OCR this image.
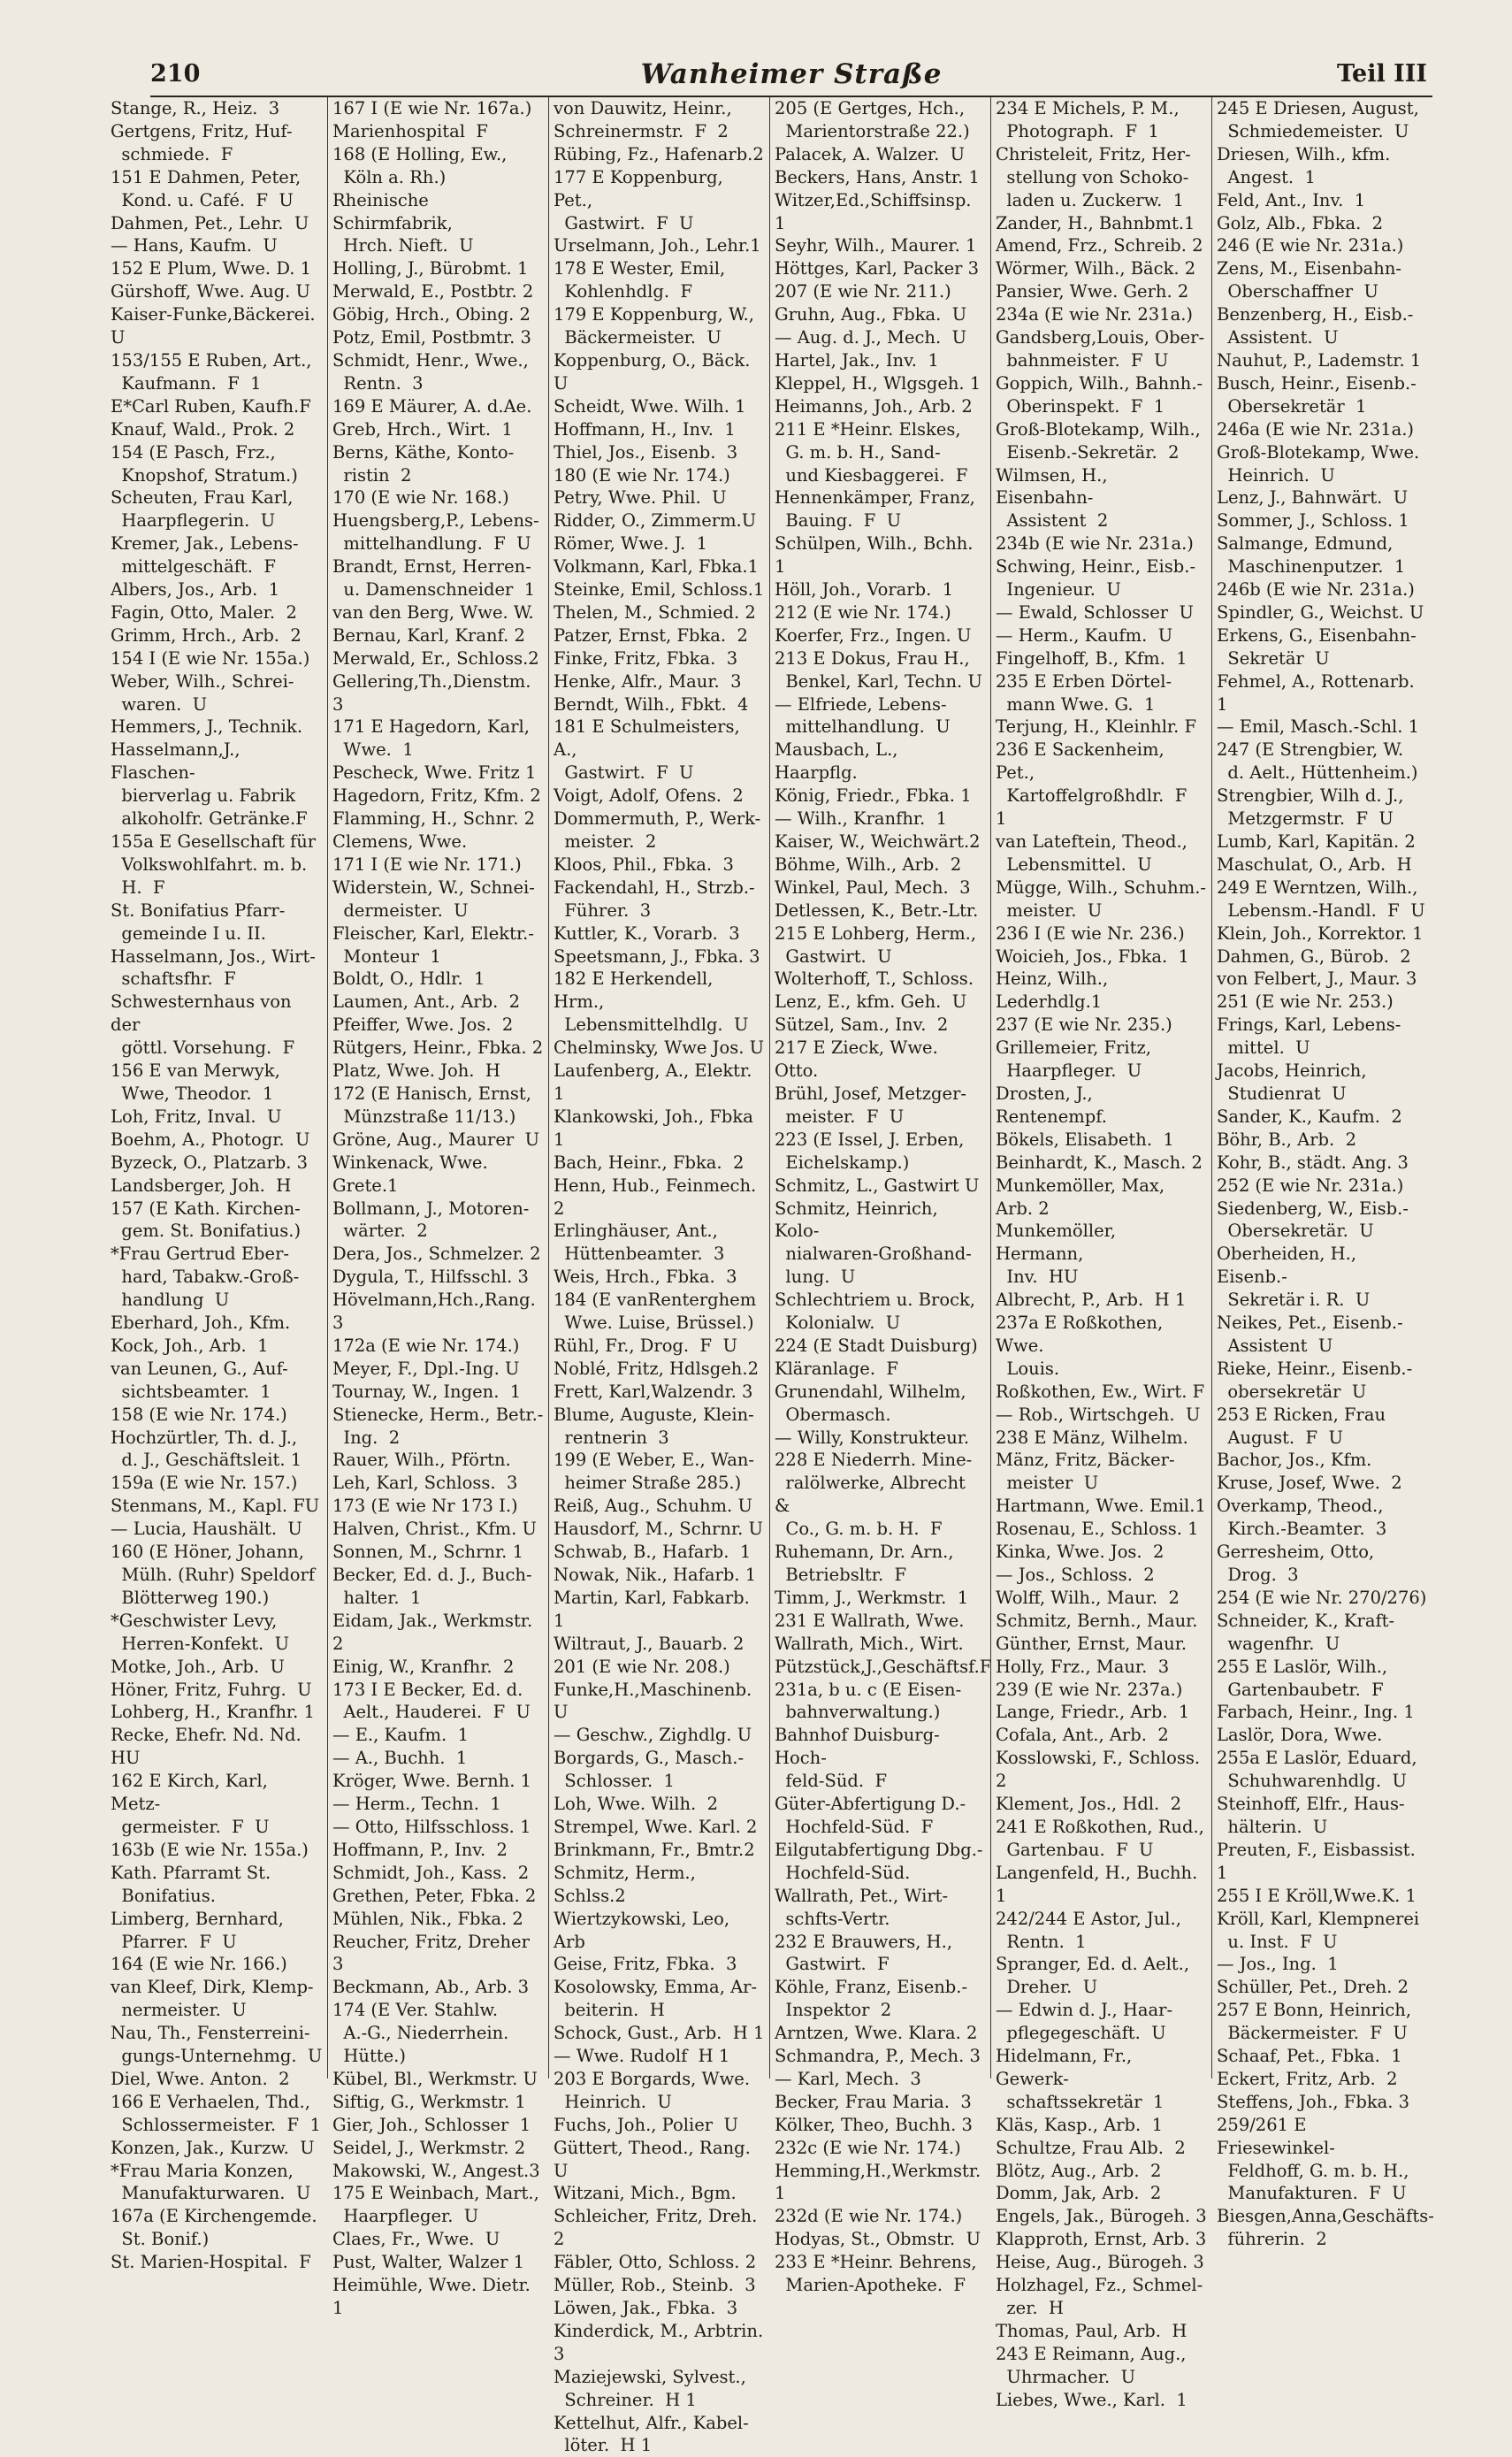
210	Wanheimer Straße	Teil III
Stange, R., Heiz.  3
Gertgens, Fritz, Huf-
schmiede.  F
151 E Dahmen, Peter,
Kond. u. Café.  F  U
Dahmen, Pet., Lehr.  U
— Hans, Kaufm.  U
152 E Plum, Wwe. D. 1
Gürshoff, Wwe. Aug. U
Kaiser-Funke,Bäckerei. U
153/155 E Ruben, Art.,
Kaufmann.  F  1
E*Carl Ruben, Kaufh.F
Knauf, Wald., Prok. 2
154 (E Pasch, Frz.,
Knopshof, Stratum.)
Scheuten, Frau Karl,
Haarpflegerin.  U
Kremer, Jak., Lebens-
mittelgeschäft.  F
Albers, Jos., Arb.  1
Fagin, Otto, Maler.  2
Grimm, Hrch., Arb.  2
154 I (E wie Nr. 155a.)
Weber, Wilh., Schrei-
waren.  U
Hemmers, J., Technik.
Hasselmann,J., Flaschen-
bierverlag u. Fabrik
alkoholfr. Getränke.F
155a E Gesellschaft für
Volkswohlfahrt. m. b.
H.  F
St. Bonifatius Pfarr-
gemeinde I u. II.
Hasselmann, Jos., Wirt-
schaftsfhr.  F
Schwesternhaus von der
göttl. Vorsehung.  F
156 E van Merwyk,
Wwe, Theodor.  1
Loh, Fritz, Inval.  U
Boehm, A., Photogr.  U
Byzeck, O., Platzarb. 3
Landsberger, Joh.  H
157 (E Kath. Kirchen-
gem. St. Bonifatius.)
*Frau Gertrud Eber-
hard, Tabakw.-Groß-
handlung  U
Eberhard, Joh., Kfm.
Kock, Joh., Arb.  1
van Leunen, G., Auf-
sichtsbeamter.  1
158 (E wie Nr. 174.)
Hochzürtler, Th. d. J.,
d. J., Geschäftsleit. 1
159a (E wie Nr. 157.)
Stenmans, M., Kapl. FU
— Lucia, Haushält.  U
160 (E Höner, Johann,
Mülh. (Ruhr) Speldorf
Blötterweg 190.)
*Geschwister Levy,
Herren-Konfekt.  U
Motke, Joh., Arb.  U
Höner, Fritz, Fuhrg.  U
Lohberg, H., Kranfhr. 1
Recke, Ehefr. Nd. Nd. HU
162 E Kirch, Karl, Metz-
germeister.  F  U
163b (E wie Nr. 155a.)
Kath. Pfarramt St.
Bonifatius.
Limberg, Bernhard,
Pfarrer.  F  U
164 (E wie Nr. 166.)
van Kleef, Dirk, Klemp-
nermeister.  U
Nau, Th., Fensterreini-
gungs-Unternehmg.  U
Diel, Wwe. Anton.  2
166 E Verhaelen, Thd.,
Schlossermeister.  F  1
Konzen, Jak., Kurzw.  U
*Frau Maria Konzen,
Manufakturwaren.  U
167a (E Kirchengemde.
St. Bonif.)
St. Marien-Hospital.  F
167 I (E wie Nr. 167a.)
Marienhospital  F
168 (E Holling, Ew.,
Köln a. Rh.)
Rheinische Schirmfabrik,
Hrch. Nieft.  U
Holling, J., Bürobmt. 1
Merwald, E., Postbtr. 2
Göbig, Hrch., Obing. 2
Potz, Emil, Postbmtr. 3
Schmidt, Henr., Wwe.,
Rentn.  3
169 E Mäurer, A. d.Ae.
Greb, Hrch., Wirt.  1
Berns, Käthe, Konto-
ristin  2
170 (E wie Nr. 168.)
Huengsberg,P., Lebens-
mittelhandlung.  F  U
Brandt, Ernst, Herren-
u. Damenschneider  1
van den Berg, Wwe. W.
Bernau, Karl, Kranf. 2
Merwald, Er., Schloss.2
Gellering,Th.,Dienstm. 3
171 E Hagedorn, Karl,
Wwe.  1
Pescheck, Wwe. Fritz 1
Hagedorn, Fritz, Kfm. 2
Flamming, H., Schnr. 2
Clemens, Wwe.
171 I (E wie Nr. 171.)
Widerstein, W., Schnei-
dermeister.  U
Fleischer, Karl, Elektr.-
Monteur  1
Boldt, O., Hdlr.  1
Laumen, Ant., Arb.  2
Pfeiffer, Wwe. Jos.  2
Rütgers, Heinr., Fbka. 2
Platz, Wwe. Joh.  H
172 (E Hanisch, Ernst,
Münzstraße 11/13.)
Gröne, Aug., Maurer  U
Winkenack, Wwe. Grete.1
Bollmann, J., Motoren-
wärter.  2
Dera, Jos., Schmelzer. 2
Dygula, T., Hilfsschl. 3
Hövelmann,Hch.,Rang. 3
172a (E wie Nr. 174.)
Meyer, F., Dpl.-Ing. U
Tournay, W., Ingen.  1
Stienecke, Herm., Betr.-
Ing.  2
Rauer, Wilh., Pförtn.
Leh, Karl, Schloss.  3
173 (E wie Nr 173 I.)
Halven, Christ., Kfm. U
Sonnen, M., Schrnr. 1
Becker, Ed. d. J., Buch-
halter.  1
Eidam, Jak., Werkmstr. 2
Einig, W., Kranfhr.  2
173 I E Becker, Ed. d.
Aelt., Hauderei.  F  U
— E., Kaufm.  1
— A., Buchh.  1
Kröger, Wwe. Bernh. 1
— Herm., Techn.  1
— Otto, Hilfsschloss. 1
Hoffmann, P., Inv.  2
Schmidt, Joh., Kass.  2
Grethen, Peter, Fbka. 2
Mühlen, Nik., Fbka. 2
Reucher, Fritz, Dreher 3
Beckmann, Ab., Arb. 3
174 (E Ver. Stahlw.
A.-G., Niederrhein.
Hütte.)
Kübel, Bl., Werkmstr. U
Siftig, G., Werkmstr. 1
Gier, Joh., Schlosser  1
Seidel, J., Werkmstr. 2
Makowski, W., Angest.3
175 E Weinbach, Mart.,
Haarpfleger.  U
Claes, Fr., Wwe.  U
Pust, Walter, Walzer 1
Heimühle, Wwe. Dietr. 1
von Dauwitz, Heinr.,
Schreinermstr.  F  2
Rübing, Fz., Hafenarb.2
177 E Koppenburg, Pet.,
Gastwirt.  F  U
Urselmann, Joh., Lehr.1
178 E Wester, Emil,
Kohlenhdlg.  F
179 E Koppenburg, W.,
Bäckermeister.  U
Koppenburg, O., Bäck. U
Scheidt, Wwe. Wilh. 1
Hoffmann, H., Inv.  1
Thiel, Jos., Eisenb.  3
180 (E wie Nr. 174.)
Petry, Wwe. Phil.  U
Ridder, O., Zimmerm.U
Römer, Wwe. J.  1
Volkmann, Karl, Fbka.1
Steinke, Emil, Schloss.1
Thelen, M., Schmied. 2
Patzer, Ernst, Fbka.  2
Finke, Fritz, Fbka.  3
Henke, Alfr., Maur.  3
Berndt, Wilh., Fbkt.  4
181 E Schulmeisters, A.,
Gastwirt.  F  U
Voigt, Adolf, Ofens.  2
Dommermuth, P., Werk-
meister.  2
Kloos, Phil., Fbka.  3
Fackendahl, H., Strzb.-
Führer.  3
Kuttler, K., Vorarb.  3
Speetsmann, J., Fbka. 3
182 E Herkendell, Hrm.,
Lebensmittelhdlg.  U
Chelminsky, Wwe Jos. U
Laufenberg, A., Elektr. 1
Klankowski, Joh., Fbka 1
Bach, Heinr., Fbka.  2
Henn, Hub., Feinmech. 2
Erlinghäuser, Ant.,
Hüttenbeamter.  3
Weis, Hrch., Fbka.  3
184 (E vanRenterghem
Wwe. Luise, Brüssel.)
Rühl, Fr., Drog.  F  U
Noblé, Fritz, Hdlsgeh.2
Frett, Karl,Walzendr. 3
Blume, Auguste, Klein-
rentnerin  3
199 (E Weber, E., Wan-
heimer Straße 285.)
Reiß, Aug., Schuhm. U
Hausdorf, M., Schrnr. U
Schwab, B., Hafarb.  1
Nowak, Nik., Hafarb. 1
Martin, Karl, Fabkarb. 1
Wiltraut, J., Bauarb. 2
201 (E wie Nr. 208.)
Funke,H.,Maschinenb. U
— Geschw., Zighdlg. U
Borgards, G., Masch.-
Schlosser.  1
Loh, Wwe. Wilh.  2
Strempel, Wwe. Karl. 2
Brinkmann, Fr., Bmtr.2
Schmitz, Herm., Schlss.2
Wiertzykowski, Leo, Arb
Geise, Fritz, Fbka.  3
Kosolowsky, Emma, Ar-
beiterin.  H
Schock, Gust., Arb.  H 1
— Wwe. Rudolf  H 1
203 E Borgards, Wwe.
Heinrich.  U
Fuchs, Joh., Polier  U
Güttert, Theod., Rang. U
Witzani, Mich., Bgm.
Schleicher, Fritz, Dreh. 2
Fäbler, Otto, Schloss. 2
Müller, Rob., Steinb.  3
Löwen, Jak., Fbka.  3
Kinderdick, M., Arbtrin. 3
Maziejewski, Sylvest.,
Schreiner.  H 1
Kettelhut, Alfr., Kabel-
löter.  H 1
205 (E Gertges, Hch.,
Marientorstraße 22.)
Palacek, A. Walzer.  U
Beckers, Hans, Anstr. 1
Witzer,Ed.,Schiffsinsp. 1
Seyhr, Wilh., Maurer. 1
Höttges, Karl, Packer 3
207 (E wie Nr. 211.)
Gruhn, Aug., Fbka.  U
— Aug. d. J., Mech.  U
Hartel, Jak., Inv.  1
Kleppel, H., Wlgsgeh. 1
Heimanns, Joh., Arb. 2
211 E *Heinr. Elskes,
G. m. b. H., Sand-
und Kiesbaggerei.  F
Hennenkämper, Franz,
Bauing.  F  U
Schülpen, Wilh., Bchh. 1
Höll, Joh., Vorarb.  1
212 (E wie Nr. 174.)
Koerfer, Frz., Ingen. U
213 E Dokus, Frau H.,
Benkel, Karl, Techn. U
— Elfriede, Lebens-
mittelhandlung.  U
Mausbach, L., Haarpflg.
König, Friedr., Fbka. 1
— Wilh., Kranfhr.  1
Kaiser, W., Weichwärt.2
Böhme, Wilh., Arb.  2
Winkel, Paul, Mech.  3
Detlessen, K., Betr.-Ltr.
215 E Lohberg, Herm.,
Gastwirt.  U
Wolterhoff, T., Schloss.
Lenz, E., kfm. Geh.  U
Sützel, Sam., Inv.  2
217 E Zieck, Wwe. Otto.
Brühl, Josef, Metzger-
meister.  F  U
223 (E Issel, J. Erben,
Eichelskamp.)
Schmitz, L., Gastwirt U
Schmitz, Heinrich, Kolo-
nialwaren-Großhand-
lung.  U
Schlechtriem u. Brock,
Kolonialw.  U
224 (E Stadt Duisburg)
Kläranlage.  F
Grunendahl, Wilhelm,
Obermasch.
— Willy, Konstrukteur.
228 E Niederrh. Mine-
ralölwerke, Albrecht &
Co., G. m. b. H.  F
Ruhemann, Dr. Arn.,
Betriebsltr.  F
Timm, J., Werkmstr.  1
231 E Wallrath, Wwe.
Wallrath, Mich., Wirt.
Pützstück,J.,Geschäftsf.F
231a, b u. c (E Eisen-
bahnverwaltung.)
Bahnhof Duisburg-Hoch-
feld-Süd.  F
Güter-Abfertigung D.-
Hochfeld-Süd.  F
Eilgutabfertigung Dbg.-
Hochfeld-Süd.
Wallrath, Pet., Wirt-
schfts-Vertr.
232 E Brauwers, H.,
Gastwirt.  F
Köhle, Franz, Eisenb.-
Inspektor  2
Arntzen, Wwe. Klara. 2
Schmandra, P., Mech. 3
— Karl, Mech.  3
Becker, Frau Maria.  3
Kölker, Theo, Buchh. 3
232c (E wie Nr. 174.)
Hemming,H.,Werkmstr. 1
232d (E wie Nr. 174.)
Hodyas, St., Obmstr.  U
233 E *Heinr. Behrens,
Marien-Apotheke.  F
234 E Michels, P. M.,
Photograph.  F  1
Christeleit, Fritz, Her-
stellung von Schoko-
laden u. Zuckerw.  1
Zander, H., Bahnbmt.1
Amend, Frz., Schreib. 2
Wörmer, Wilh., Bäck. 2
Pansier, Wwe. Gerh. 2
234a (E wie Nr. 231a.)
Gandsberg,Louis, Ober-
bahnmeister.  F  U
Goppich, Wilh., Bahnh.-
Oberinspekt.  F  1
Groß-Blotekamp, Wilh.,
Eisenb.-Sekretär.  2
Wilmsen, H., Eisenbahn-
Assistent  2
234b (E wie Nr. 231a.)
Schwing, Heinr., Eisb.-
Ingenieur.  U
— Ewald, Schlosser  U
— Herm., Kaufm.  U
Fingelhoff, B., Kfm.  1
235 E Erben Dörtel-
mann Wwe. G.  1
Terjung, H., Kleinhlr. F
236 E Sackenheim, Pet.,
Kartoffelgroßhdlr.  F  1
van Lateftein, Theod.,
Lebensmittel.  U
Mügge, Wilh., Schuhm.-
meister.  U
236 I (E wie Nr. 236.)
Woicieh, Jos., Fbka.  1
Heinz, Wilh., Lederhdlg.1
237 (E wie Nr. 235.)
Grillemeier, Fritz,
Haarpfleger.  U
Drosten, J., Rentenempf.
Bökels, Elisabeth.  1
Beinhardt, K., Masch. 2
Munkemöller, Max, Arb. 2
Munkemöller, Hermann,
Inv.  HU
Albrecht, P., Arb.  H 1
237a E Roßkothen, Wwe.
Louis.
Roßkothen, Ew., Wirt. F
— Rob., Wirtschgeh.  U
238 E Mänz, Wilhelm.
Mänz, Fritz, Bäcker-
meister  U
Hartmann, Wwe. Emil.1
Rosenau, E., Schloss. 1
Kinka, Wwe. Jos.  2
— Jos., Schloss.  2
Wolff, Wilh., Maur.  2
Schmitz, Bernh., Maur.
Günther, Ernst, Maur.
Holly, Frz., Maur.  3
239 (E wie Nr. 237a.)
Lange, Friedr., Arb.  1
Cofala, Ant., Arb.  2
Kosslowski, F., Schloss. 2
Klement, Jos., Hdl.  2
241 E Roßkothen, Rud.,
Gartenbau.  F  U
Langenfeld, H., Buchh. 1
242/244 E Astor, Jul.,
Rentn.  1
Spranger, Ed. d. Aelt.,
Dreher.  U
— Edwin d. J., Haar-
pflegegeschäft.  U
Hidelmann, Fr., Gewerk-
schaftssekretär  1
Kläs, Kasp., Arb.  1
Schultze, Frau Alb.  2
Blötz, Aug., Arb.  2
Domm, Jak, Arb.  2
Engels, Jak., Bürogeh. 3
Klapproth, Ernst, Arb. 3
Heise, Aug., Bürogeh. 3
Holzhagel, Fz., Schmel-
zer.  H
Thomas, Paul, Arb.  H
243 E Reimann, Aug.,
Uhrmacher.  U
Liebes, Wwe., Karl.  1
245 E Driesen, August,
Schmiedemeister.  U
Driesen, Wilh., kfm.
Angest.  1
Feld, Ant., Inv.  1
Golz, Alb., Fbka.  2
246 (E wie Nr. 231a.)
Zens, M., Eisenbahn-
Oberschaffner  U
Benzenberg, H., Eisb.-
Assistent.  U
Nauhut, P., Lademstr. 1
Busch, Heinr., Eisenb.-
Obersekretär  1
246a (E wie Nr. 231a.)
Groß-Blotekamp, Wwe.
Heinrich.  U
Lenz, J., Bahnwärt.  U
Sommer, J., Schloss. 1
Salmange, Edmund,
Maschinenputzer.  1
246b (E wie Nr. 231a.)
Spindler, G., Weichst. U
Erkens, G., Eisenbahn-
Sekretär  U
Fehmel, A., Rottenarb. 1
— Emil, Masch.-Schl. 1
247 (E Strengbier, W.
d. Aelt., Hüttenheim.)
Strengbier, Wilh d. J.,
Metzgermstr.  F  U
Lumb, Karl, Kapitän. 2
Maschulat, O., Arb.  H
249 E Werntzen, Wilh.,
Lebensm.-Handl.  F  U
Klein, Joh., Korrektor. 1
Dahmen, G., Bürob.  2
von Felbert, J., Maur. 3
251 (E wie Nr. 253.)
Frings, Karl, Lebens-
mittel.  U
Jacobs, Heinrich,
Studienrat  U
Sander, K., Kaufm.  2
Böhr, B., Arb.  2
Kohr, B., städt. Ang. 3
252 (E wie Nr. 231a.)
Siedenberg, W., Eisb.-
Obersekretär.  U
Oberheiden, H., Eisenb.-
Sekretär i. R.  U
Neikes, Pet., Eisenb.-
Assistent  U
Rieke, Heinr., Eisenb.-
obersekretär  U
253 E Ricken, Frau
August.  F  U
Bachor, Jos., Kfm.
Kruse, Josef, Wwe.  2
Overkamp, Theod.,
Kirch.-Beamter.  3
Gerresheim, Otto,
Drog.  3
254 (E wie Nr. 270/276)
Schneider, K., Kraft-
wagenfhr.  U
255 E Laslör, Wilh.,
Gartenbaubetr.  F
Farbach, Heinr., Ing. 1
Laslör, Dora, Wwe.
255a E Laslör, Eduard,
Schuhwarenhdlg.  U
Steinhoff, Elfr., Haus-
hälterin.  U
Preuten, F., Eisbassist. 1
255 I E Kröll,Wwe.K. 1
Kröll, Karl, Klempnerei
u. Inst.  F  U
— Jos., Ing.  1
Schüller, Pet., Dreh. 2
257 E Bonn, Heinrich,
Bäckermeister.  F  U
Schaaf, Pet., Fbka.  1
Eckert, Fritz, Arb.  2
Steffens, Joh., Fbka. 3
259/261 E Friesewinkel-
Feldhoff, G. m. b. H.,
Manufakturen.  F  U
Biesgen,Anna,Geschäfts-
führerin.  2
